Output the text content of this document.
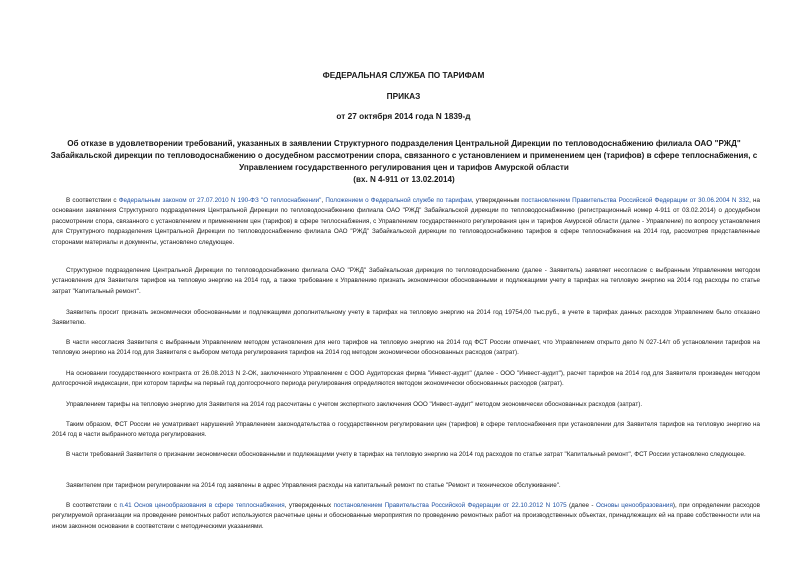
ФЕДЕРАЛЬНАЯ СЛУЖБА ПО ТАРИФАМ
ПРИКАЗ
от 27 октября 2014 года N 1839-д
Об отказе в удовлетворении требований, указанных в заявлении Структурного подразделения Центральной Дирекции по тепловодоснабжению филиала ОАО "РЖД" Забайкальской дирекции по тепловодоснабжению о досудебном рассмотрении спора, связанного с установлением и применением цен (тарифов) в сфере теплоснабжения, с Управлением государственного регулирования цен и тарифов Амурской области
(вх. N 4-911 от 13.02.2014)
В соответствии с Федеральным законом от 27.07.2010 N 190-ФЗ "О теплоснабжении", Положением о Федеральной службе по тарифам, утвержденным постановлением Правительства Российской Федерации от 30.06.2004 N 332, на основании заявления Структурного подразделения Центральной Дирекции по тепловодоснабжению филиала ОАО "РЖД" Забайкальской дирекции по тепловодоснабжению (регистрационный номер 4-911 от 03.02.2014) о досудебном рассмотрении спора, связанного с установлением и применением цен (тарифов) в сфере теплоснабжения, с Управлением государственного регулирования цен и тарифов Амурской области (далее - Управление) по вопросу установления для Структурного подразделения Центральной Дирекции по тепловодоснабжению филиала ОАО "РЖД" Забайкальской дирекции по тепловодоснабжению тарифов в сфере теплоснабжения на 2014 год, рассмотрев представленные сторонами материалы и документы, установлено следующее.
Структурное подразделение Центральной Дирекции по тепловодоснабжению филиала ОАО "РЖД" Забайкальская дирекция по тепловодоснабжению (далее - Заявитель) заявляет несогласие с выбранным Управлением методом установления для Заявителя тарифов на тепловую энергию на 2014 год, а также требование к Управлению признать экономически обоснованными и подлежащими учету в тарифах на тепловую энергию на 2014 год расходы по статье затрат "Капитальный ремонт".
Заявитель просит признать экономически обоснованными и подлежащими дополнительному учету в тарифах на тепловую энергию на 2014 год 19754,00 тыс.руб., в учете в тарифах данных расходов Управлением было отказано Заявителю.
В части несогласия Заявителя с выбранным Управлением методом установления для него тарифов на тепловую энергию на 2014 год ФСТ России отмечает, что Управлением открыто дело N 027-14/т об установлении тарифов на тепловую энергию на 2014 год для Заявителя с выбором метода регулирования тарифов на 2014 год методом экономически обоснованных расходов (затрат).
На основании государственного контракта от 26.08.2013 N 2-ОК, заключенного Управлением с ООО Аудиторская фирма "Инвест-аудит" (далее - ООО "Инвест-аудит"), расчет тарифов на 2014 год для Заявителя произведен методом долгосрочной индексации, при котором тарифы на первый год долгосрочного периода регулирования определяются методом экономически обоснованных расходов (затрат).
Управлением тарифы на тепловую энергию для Заявителя на 2014 год рассчитаны с учетом экспертного заключения ООО "Инвест-аудит" методом экономически обоснованных расходов (затрат).
Таким образом, ФСТ России не усматривает нарушений Управлением законодательства о государственном регулировании цен (тарифов) в сфере теплоснабжения при установлении для Заявителя тарифов на тепловую энергию на 2014 год в части выбранного метода регулирования.
В части требований Заявителя о признании экономически обоснованными и подлежащими учету в тарифах на тепловую энергию на 2014 год расходов по статье затрат "Капитальный ремонт", ФСТ России установлено следующее.
Заявителем при тарифном регулировании на 2014 год заявлены в адрес Управления расходы на капитальный ремонт по статье "Ремонт и техническое обслуживание".
В соответствии с п.41 Основ ценообразования в сфере теплоснабжения, утвержденных постановлением Правительства Российской Федерации от 22.10.2012 N 1075 (далее - Основы ценообразования), при определении расходов регулируемой организации на проведение ремонтных работ используются расчетные цены и обоснованные мероприятия по проведению ремонтных работ на производственных объектах, принадлежащих ей на праве собственности или на ином законном основании в соответствии с методическими указаниями.
